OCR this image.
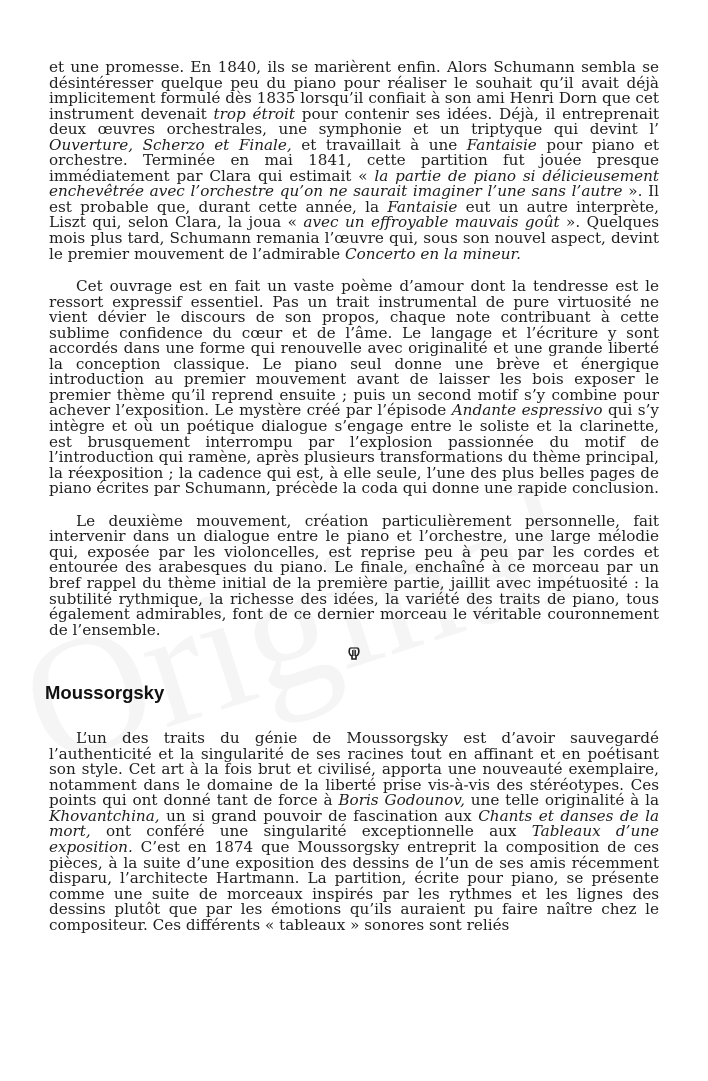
et une promesse. En 1840, ils se marièrent enfin. Alors Schumann sembla se désintéresser quelque peu du piano pour réaliser le souhait qu’il avait déjà implicitement formulé dès 1835 lorsqu’il confiait à son ami Henri Dorn que cet instrument devenait trop étroit pour contenir ses idées. Déjà, il entreprenait deux œuvres orchestrales, une symphonie et un triptyque qui devint l’ Ouverture, Scherzo et Finale, et travaillait à une Fantaisie pour piano et orchestre. Terminée en mai 1841, cette partition fut jouée presque immédiatement par Clara qui estimait « la partie de piano si délicieusement enchevêtrée avec l’orchestre qu’on ne saurait imaginer l’une sans l’autre ». Il est probable que, durant cette année, la Fantaisie eut un autre interprète, Liszt qui, selon Clara, la joua « avec un effroyable mauvais goût ». Quelques mois plus tard, Schumann remania l’œuvre qui, sous son nouvel aspect, devint le premier mouvement de l’admirable Concerto en la mineur.

Cet ouvrage est en fait un vaste poème d’amour dont la tendresse est le ressort expressif essentiel. Pas un trait instrumental de pure virtuosité ne vient dévier le discours de son propos, chaque note contribuant à cette sublime confidence du cœur et de l’âme. Le langage et l’écriture y sont accordés dans une forme qui renouvelle avec originalité et une grande liberté la conception classique. Le piano seul donne une brève et énergique introduction au premier mouvement avant de laisser les bois exposer le premier thème qu’il reprend ensuite ; puis un second motif s’y combine pour achever l’exposition. Le mystère créé par l’épisode Andante espressivo qui s’y intègre et où un poétique dialogue s’engage entre le soliste et la clarinette, est brusquement interrompu par l’explosion passionnée du motif de l’introduction qui ramène, après plusieurs transformations du thème principal, la réexposition ; la cadence qui est, à elle seule, l’une des plus belles pages de piano écrites par Schumann, précède la coda qui donne une rapide conclusion.

Le deuxième mouvement, création particulièrement personnelle, fait intervenir dans un dialogue entre le piano et l’orchestre, une large mélodie qui, exposée par les violoncelles, est reprise peu à peu par les cordes et entourée des arabesques du piano. Le finale, enchaîné à ce morceau par un bref rappel du thème initial de la première partie, jaillit avec impétuosité : la subtilité rythmique, la richesse des idées, la variété des traits de piano, tous également admirables, font de ce dernier morceau le véritable couronnement de l’ensemble.

Moussorgsky

L’un des traits du génie de Moussorgsky est d’avoir sauvegardé l’authenticité et la singularité de ses racines tout en affinant et en poétisant son style. Cet art à la fois brut et civilisé, apporta une nouveauté exemplaire, notamment dans le domaine de la liberté prise vis-à-vis des stéréotypes. Ces points qui ont donné tant de force à Boris Godounov, une telle originalité à la Khovantchina, un si grand pouvoir de fascination aux Chants et danses de la mort, ont conféré une singularité exceptionnelle aux Tableaux d’une exposition. C’est en 1874 que Moussorgsky entreprit la composition de ces pièces, à la suite d’une exposition des dessins de l’un de ses amis récemment disparu, l’architecte Hartmann. La partition, écrite pour piano, se présente comme une suite de morceaux inspirés par les rythmes et les lignes des dessins plutôt que par les émotions qu’ils auraient pu faire naître chez le compositeur. Ces différents « tableaux » sonores sont reliés
